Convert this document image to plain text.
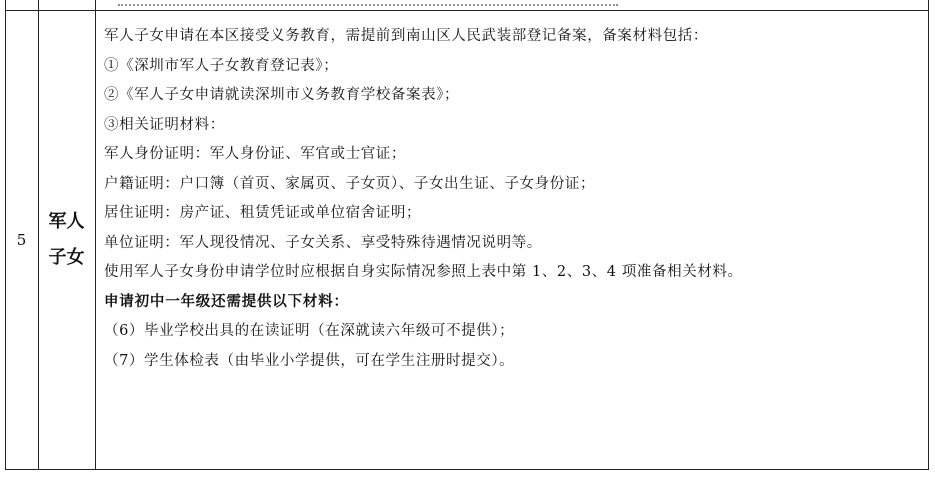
5
军人
子女
军人子女申请在本区接受义务教育，需提前到南山区人民武装部登记备案，备案材料包括：
①《深圳市军人子女教育登记表》；
②《军人子女申请就读深圳市义务教育学校备案表》；
③相关证明材料：
军人身份证明：军人身份证、军官或士官证；
户籍证明：户口簿（首页、家属页、子女页）、子女出生证、子女身份证；
居住证明：房产证、租赁凭证或单位宿舍证明；
单位证明：军人现役情况、子女关系、享受特殊待遇情况说明等。
使用军人子女身份申请学位时应根据自身实际情况参照上表中第 1、2、3、4 项准备相关材料。
申请初中一年级还需提供以下材料：
（6）毕业学校出具的在读证明（在深就读六年级可不提供）；
（7）学生体检表（由毕业小学提供，可在学生注册时提交）。
